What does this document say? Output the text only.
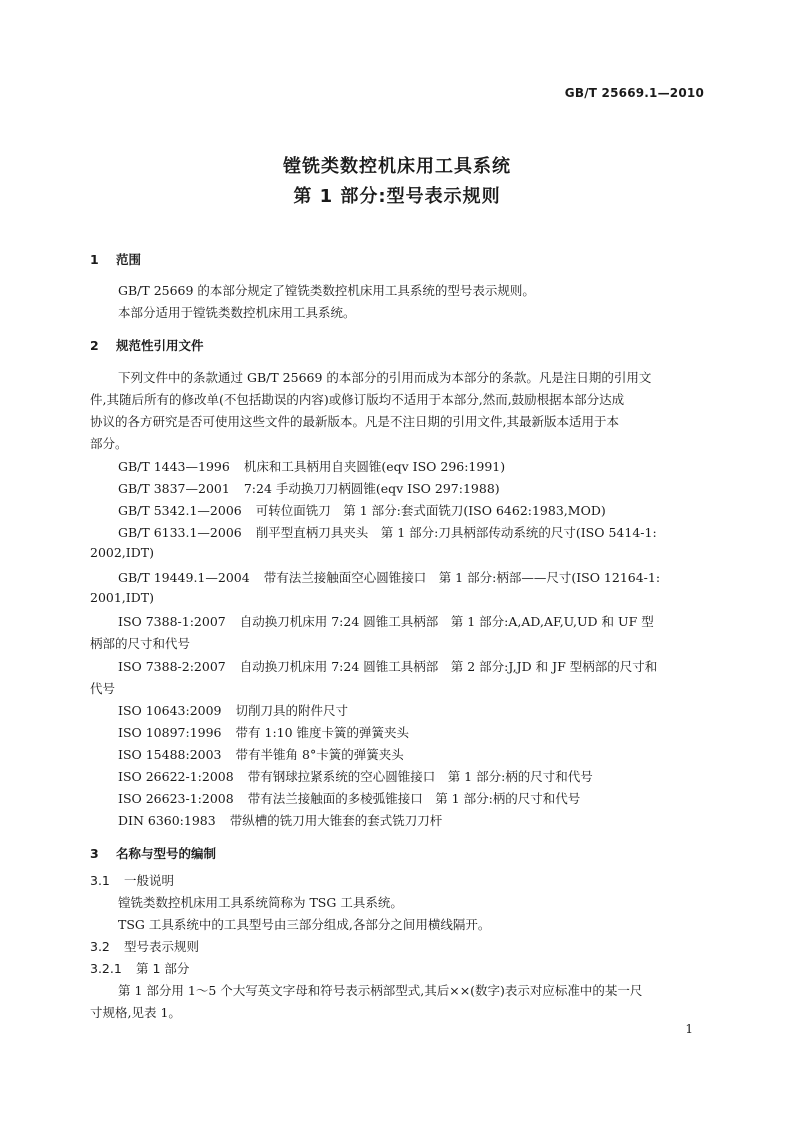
GB/T 25669.1—2010
镗铣类数控机床用工具系统
第 1 部分:型号表示规则
1 范围
GB/T 25669 的本部分规定了镗铣类数控机床用工具系统的型号表示规则。
本部分适用于镗铣类数控机床用工具系统。
2 规范性引用文件
下列文件中的条款通过 GB/T 25669 的本部分的引用而成为本部分的条款。凡是注日期的引用文
件,其随后所有的修改单(不包括勘误的内容)或修订版均不适用于本部分,然而,鼓励根据本部分达成
协议的各方研究是否可使用这些文件的最新版本。凡是不注日期的引用文件,其最新版本适用于本
部分。
GB/T 1443—1996 机床和工具柄用自夹圆锥(eqv ISO 296:1991)
GB/T 3837—2001 7:24 手动换刀刀柄圆锥(eqv ISO 297:1988)
GB/T 5342.1—2006 可转位面铣刀　第 1 部分:套式面铣刀(ISO 6462:1983,MOD)
GB/T 6133.1—2006 削平型直柄刀具夹头　第 1 部分:刀具柄部传动系统的尺寸(ISO 5414-1:
2002,IDT)
GB/T 19449.1—2004 带有法兰接触面空心圆锥接口　第 1 部分:柄部——尺寸(ISO 12164-1:
2001,IDT)
ISO 7388-1:2007 自动换刀机床用 7:24 圆锥工具柄部　第 1 部分:A,AD,AF,U,UD 和 UF 型
柄部的尺寸和代号
ISO 7388-2:2007 自动换刀机床用 7:24 圆锥工具柄部　第 2 部分:J,JD 和 JF 型柄部的尺寸和
代号
ISO 10643:2009 切削刀具的附件尺寸
ISO 10897:1996 带有 1:10 锥度卡簧的弹簧夹头
ISO 15488:2003 带有半锥角 8°卡簧的弹簧夹头
ISO 26622-1:2008 带有钢球拉紧系统的空心圆锥接口　第 1 部分:柄的尺寸和代号
ISO 26623-1:2008 带有法兰接触面的多棱弧锥接口　第 1 部分:柄的尺寸和代号
DIN 6360:1983 带纵槽的铣刀用大锥套的套式铣刀刀杆
3 名称与型号的编制
3.1 一般说明
镗铣类数控机床用工具系统简称为 TSG 工具系统。
TSG 工具系统中的工具型号由三部分组成,各部分之间用横线隔开。
3.2 型号表示规则
3.2.1 第 1 部分
第 1 部分用 1～5 个大写英文字母和符号表示柄部型式,其后××(数字)表示对应标准中的某一尺
寸规格,见表 1。
1
